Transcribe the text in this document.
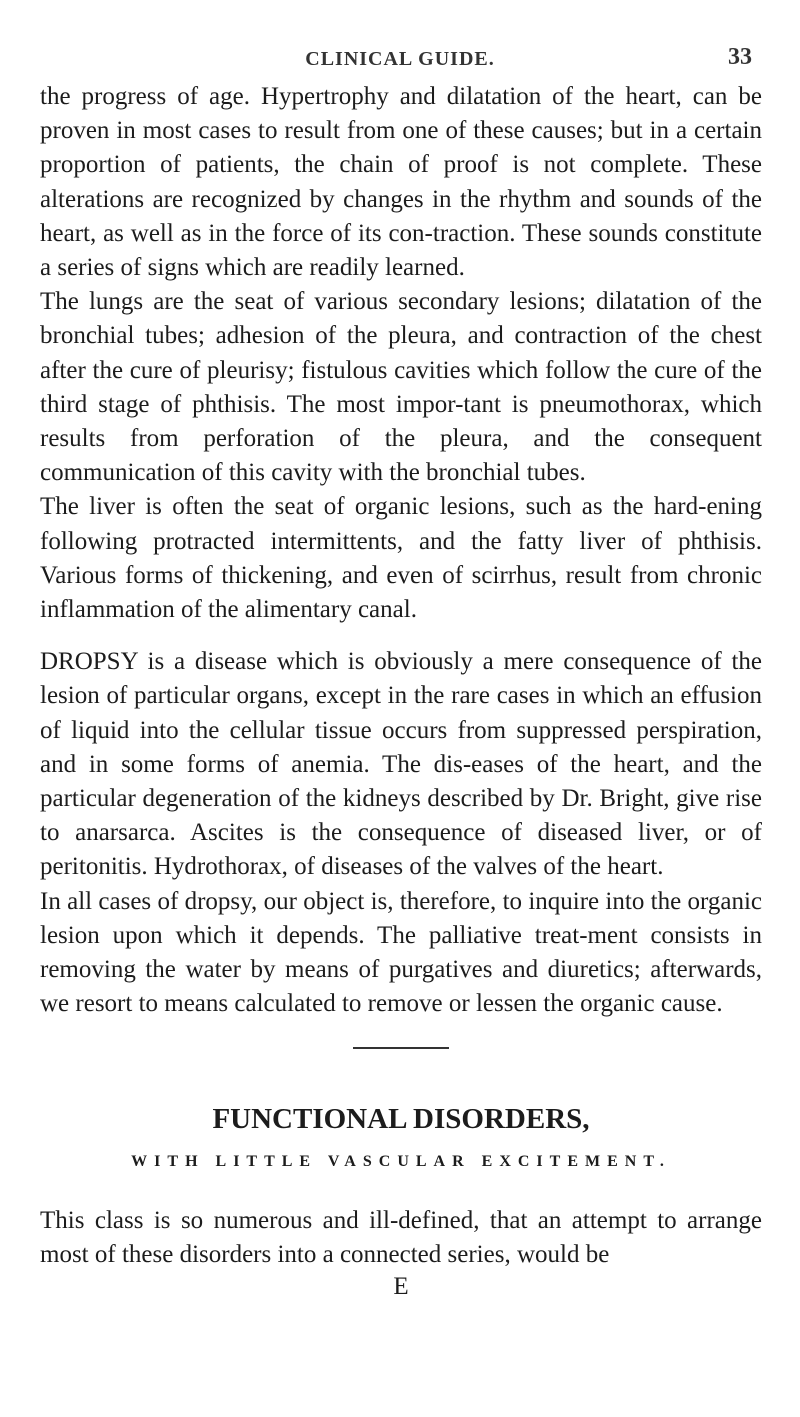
CLINICAL GUIDE.	33

the progress of age. Hypertrophy and dilatation of the heart, can be proven in most cases to result from one of these causes; but in a certain proportion of patients, the chain of proof is not complete. These alterations are recognized by changes in the rhythm and sounds of the heart, as well as in the force of its con-traction. These sounds constitute a series of signs which are readily learned.

The lungs are the seat of various secondary lesions; dilatation of the bronchial tubes; adhesion of the pleura, and contraction of the chest after the cure of pleurisy; fistulous cavities which follow the cure of the third stage of phthisis. The most impor-tant is pneumothorax, which results from perforation of the pleura, and the consequent communication of this cavity with the bronchial tubes.

The liver is often the seat of organic lesions, such as the hard-ening following protracted intermittents, and the fatty liver of phthisis. Various forms of thickening, and even of scirrhus, result from chronic inflammation of the alimentary canal.

DROPSY is a disease which is obviously a mere consequence of the lesion of particular organs, except in the rare cases in which an effusion of liquid into the cellular tissue occurs from suppressed perspiration, and in some forms of anemia. The dis-eases of the heart, and the particular degeneration of the kidneys described by Dr. Bright, give rise to anarsarca. Ascites is the consequence of diseased liver, or of peritonitis. Hydrothorax, of diseases of the valves of the heart.

In all cases of dropsy, our object is, therefore, to inquire into the organic lesion upon which it depends. The palliative treat-ment consists in removing the water by means of purgatives and diuretics; afterwards, we resort to means calculated to remove or lessen the organic cause.

FUNCTIONAL DISORDERS,
WITH LITTLE VASCULAR EXCITEMENT.

This class is so numerous and ill-defined, that an attempt to arrange most of these disorders into a connected series, would be

E
